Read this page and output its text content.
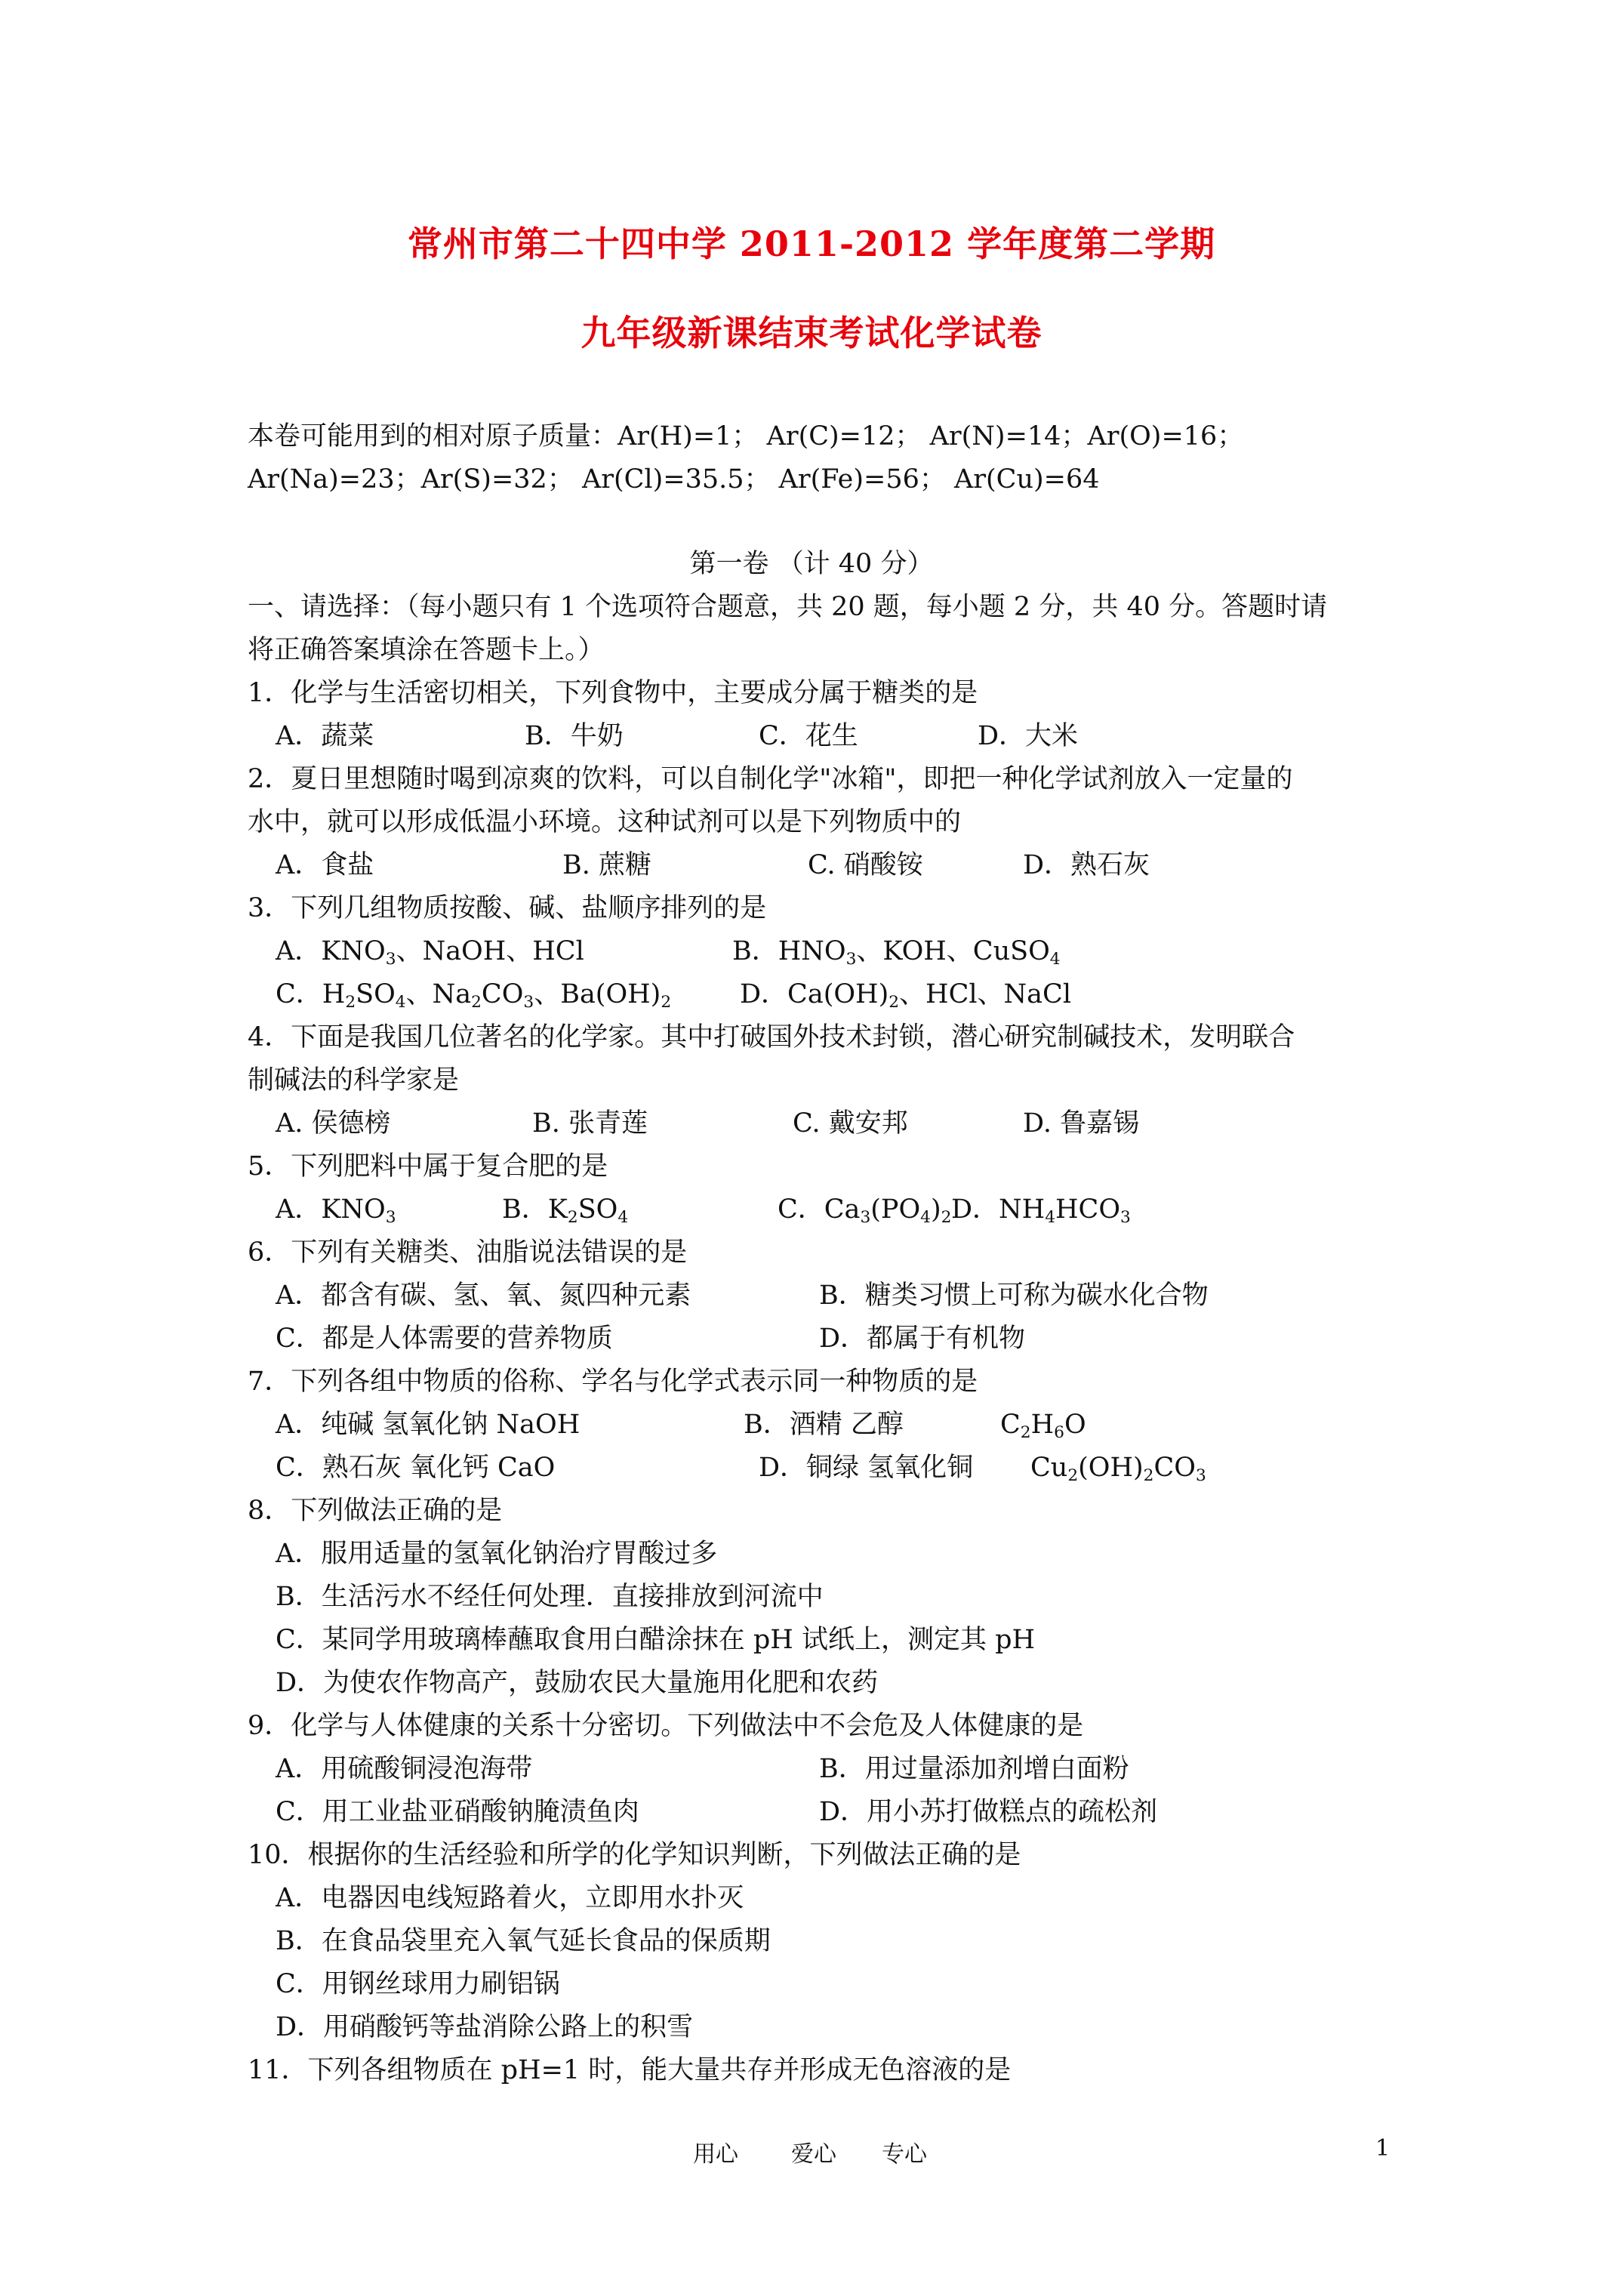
常州市第二十四中学 2011-2012 学年度第二学期
九年级新课结束考试化学试卷
本卷可能用到的相对原子质量：Ar(H)=1； Ar(C)=12； Ar(N)=14；Ar(O)=16；
Ar(Na)=23；Ar(S)=32； Ar(Cl)=35.5； Ar(Fe)=56； Ar(Cu)=64
第一卷 （计 40 分）
一、请选择：（每小题只有 1 个选项符合题意，共 20 题，每小题 2 分，共 40 分。答题时请
将正确答案填涂在答题卡上。）
1．化学与生活密切相关，下列食物中，主要成分属于糖类的是
A．蔬菜	B．牛奶	C．花生	D．大米
2．夏日里想随时喝到凉爽的饮料，可以自制化学"冰箱"，即把一种化学试剂放入一定量的
水中，就可以形成低温小环境。这种试剂可以是下列物质中的
A．食盐	B. 蔗糖	C. 硝酸铵	D．熟石灰
3．下列几组物质按酸、碱、盐顺序排列的是
A．$KNO_3$、NaOH、HCl	B．$HNO_3$、KOH、CuSO$_4$
C．$H_2SO_4$、$Na_2CO_3$、$Ba(OH)_2$	D．$Ca(OH)_2$、HCl、NaCl
4．下面是我国几位著名的化学家。其中打破国外技术封锁，潜心研究制碱技术，发明联合
制碱法的科学家是
A. 侯德榜	B. 张青莲	C. 戴安邦	D. 鲁嘉锡
5．下列肥料中属于复合肥的是
A．$KNO_3$	B．$K_2SO_4$	C．$Ca_3(PO_4)_2D$．$NH_4HCO_3$
6．下列有关糖类、油脂说法错误的是
A．都含有碳、氢、氧、氮四种元素	B．糖类习惯上可称为碳水化合物
C．都是人体需要的营养物质	D．都属于有机物
7．下列各组中物质的俗称、学名与化学式表示同一种物质的是
A．纯碱 氢氧化钠 NaOH	B．酒精 乙醇	$C_2H_6O$
C．熟石灰 氧化钙 CaO	D．铜绿 氢氧化铜 $Cu_2(OH)_2CO_3$
8．下列做法正确的是
A．服用适量的氢氧化钠治疗胃酸过多
B．生活污水不经任何处理．直接排放到河流中
C．某同学用玻璃棒蘸取食用白醋涂抹在 pH 试纸上，测定其 pH
D．为使农作物高产，鼓励农民大量施用化肥和农药
9．化学与人体健康的关系十分密切。下列做法中不会危及人体健康的是
A．用硫酸铜浸泡海带	B．用过量添加剂增白面粉
C．用工业盐亚硝酸钠腌渍鱼肉	D．用小苏打做糕点的疏松剂
10．根据你的生活经验和所学的化学知识判断，下列做法正确的是
A．电器因电线短路着火，立即用水扑灭
B．在食品袋里充入氧气延长食品的保质期
C．用钢丝球用力刷铝锅
D．用硝酸钙等盐消除公路上的积雪
11．下列各组物质在 pH=1 时，能大量共存并形成无色溶液的是
用心 爱心 专心	1
